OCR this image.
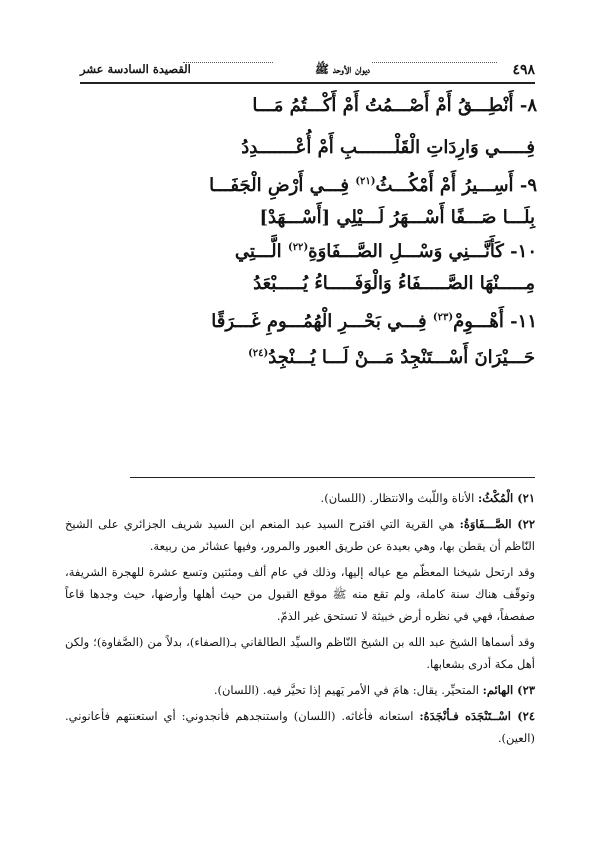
٤٩٨
ديوان الأوحد ﷺ
القصيدة السادسة عشر
٨- أَنْطِـــقُ أَمْ أَصْـــمُتُ أَمْ أَكْـــتُمُ مَـــا
فِـــــي وَارِدَاتِ الْقَلْـــــــبِ أَمْ أُعْـــــــدِدُ
٩- أَسِـــيرُ أَمْ أَمْكُـــثُ$^{(٢١)}$ فِـــي أَرْضِ الْجَفَـــا
بِلَـــا صَـــفًا أَسْـــهَرُ لَـــيْلِي [أَسْـــهَدْ]
١٠- كَأَنَّـــنِي وَسْـــلِ الصَّـــفَاوَةِ$^{(٢٢)}$ الَّـــتِي
مِـــــنْهَا الصَّـــــفَاءُ وَالْوَفَـــــاءُ يُـــــبْعَدُ
١١- أَهْـــوِمْ$^{(٢٣)}$ فِـــي بَحْـــرِ الْهُمُـــومِ غَـــرَقًا
حَـــيْرَانَ أَسْـــتَنْجِدُ مَـــنْ لَـــا يُـــنْجِدُ$^{(٢٤)}$

٢١) الْمُكْثُ: الأناة واللّبث والانتظار. (اللسان).

٢٢) الصَّـــفَاوَةُ: هي القرية التي اقترح السيد عبد المنعم ابن السيد شريف الجزائري على الشيخ النّاظم أن يقطن بها، وهي بعيدة عن طريق العبور والمرور، وفيها عشائر من ربيعة.

وقد ارتحل شيخنا المعظّم مع عياله إليها، وذلك في عام ألف ومئتين وتسع عشرة للهجرة الشريفة، وتوقّف هناك سنة كاملة، ولم تقع منه ﷺ موقع القبول من حيث أهلها وأرضها، حيث وجدها قاعاً صفصفاً، فهي في نظره أرض خبيثة لا تستحق غير الذمّ.

وقد أسماها الشيخ عبد الله بن الشيخ النّاظم والسيِّد الطالقاني بـ(الصفاء)، بدلاً من (الصَّفاوة)؛ ولكن أهل مكة أدرى بشعابها.

٢٣) الهائم: المتحيِّر. يقال: هامَ في الأمر يَهيم إذا تحيَّر فيه. (اللسان).

٢٤) اسْــتَنْجَدَه فـأنْجَدَهُ: استعانه فأغاثه. (اللسان) واستنجدهم فأنجدوني: أي استعنتهم فأعانوني. (العين).
